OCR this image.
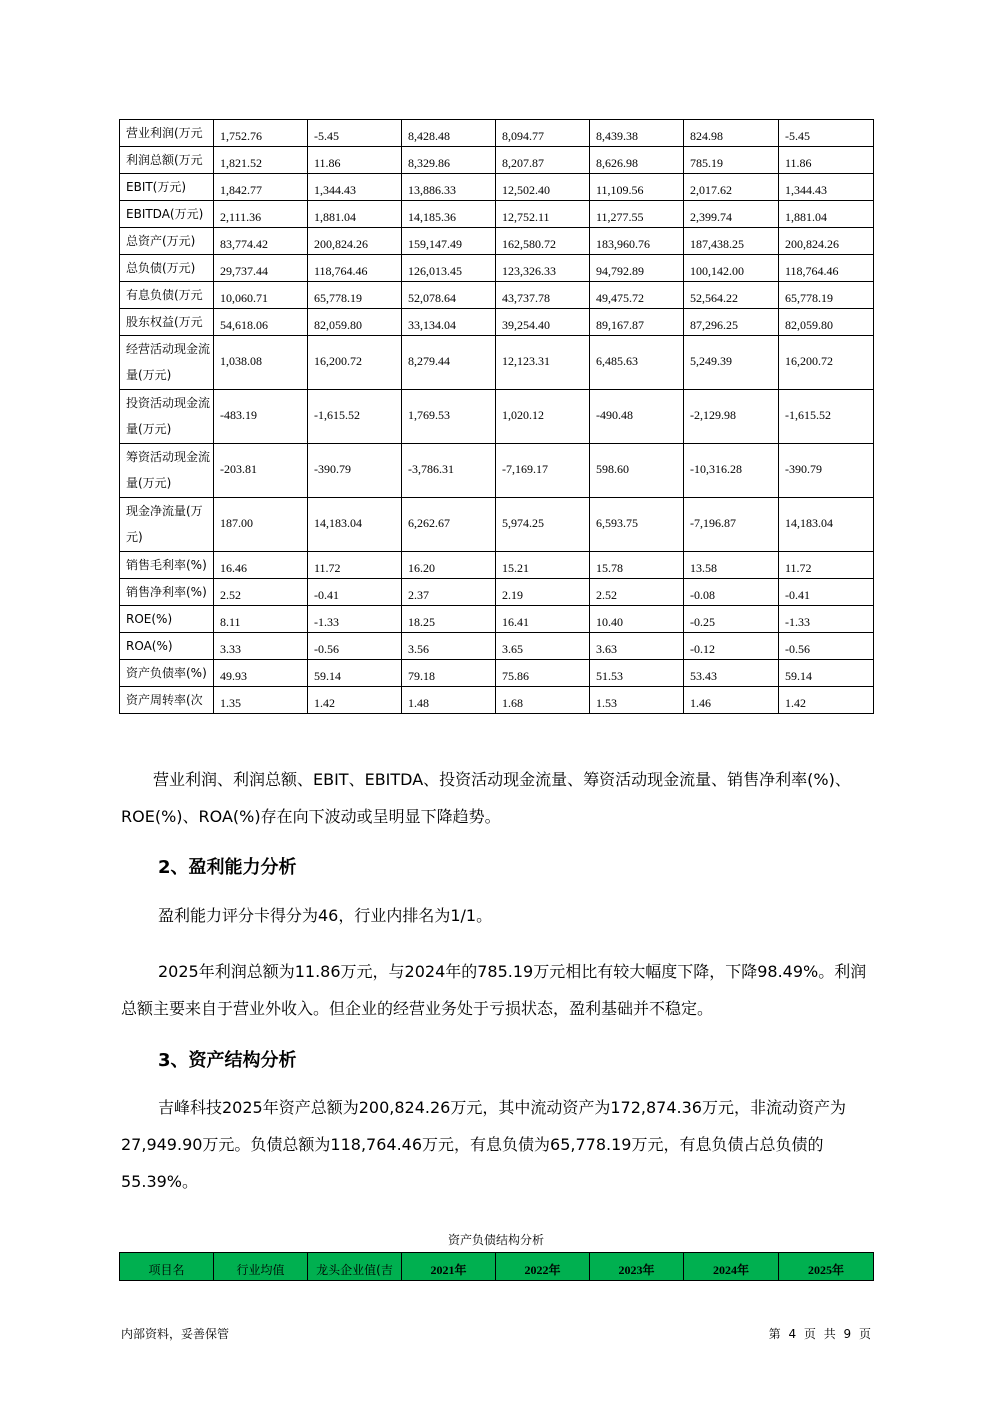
营业利润(万元	1,752.76	-5.45	8,428.48	8,094.77	8,439.38	824.98	-5.45
利润总额(万元	1,821.52	11.86	8,329.86	8,207.87	8,626.98	785.19	11.86
EBIT(万元)	1,842.77	1,344.43	13,886.33	12,502.40	11,109.56	2,017.62	1,344.43
EBITDA(万元)	2,111.36	1,881.04	14,185.36	12,752.11	11,277.55	2,399.74	1,881.04
总资产(万元)	83,774.42	200,824.26	159,147.49	162,580.72	183,960.76	187,438.25	200,824.26
总负债(万元)	29,737.44	118,764.46	126,013.45	123,326.33	94,792.89	100,142.00	118,764.46
有息负债(万元	10,060.71	65,778.19	52,078.64	43,737.78	49,475.72	52,564.22	65,778.19
股东权益(万元	54,618.06	82,059.80	33,134.04	39,254.40	89,167.87	87,296.25	82,059.80
经营活动现金流量(万元)	1,038.08	16,200.72	8,279.44	12,123.31	6,485.63	5,249.39	16,200.72
投资活动现金流量(万元)	-483.19	-1,615.52	1,769.53	1,020.12	-490.48	-2,129.98	-1,615.52
筹资活动现金流量(万元)	-203.81	-390.79	-3,786.31	-7,169.17	598.60	-10,316.28	-390.79
现金净流量(万元)	187.00	14,183.04	6,262.67	5,974.25	6,593.75	-7,196.87	14,183.04
销售毛利率(%)	16.46	11.72	16.20	15.21	15.78	13.58	11.72
销售净利率(%)	2.52	-0.41	2.37	2.19	2.52	-0.08	-0.41
ROE(%)	8.11	-1.33	18.25	16.41	10.40	-0.25	-1.33
ROA(%)	3.33	-0.56	3.56	3.65	3.63	-0.12	-0.56
资产负债率(%)	49.93	59.14	79.18	75.86	51.53	53.43	59.14
资产周转率(次	1.35	1.42	1.48	1.68	1.53	1.46	1.42
营业利润、利润总额、EBIT、EBITDA、投资活动现金流量、筹资活动现金流量、销售净利率(%)、ROE(%)、ROA(%)存在向下波动或呈明显下降趋势。
2、盈利能力分析
盈利能力评分卡得分为46，行业内排名为1/1。
2025年利润总额为11.86万元，与2024年的785.19万元相比有较大幅度下降，下降98.49%。利润总额主要来自于营业外收入。但企业的经营业务处于亏损状态，盈利基础并不稳定。
3、资产结构分析
吉峰科技2025年资产总额为200,824.26万元，其中流动资产为172,874.36万元，非流动资产为27,949.90万元。负债总额为118,764.46万元，有息负债为65,778.19万元，有息负债占总负债的55.39%。
资产负债结构分析
项目名	行业均值	龙头企业值(吉	2021年	2022年	2023年	2024年	2025年
内部资料，妥善保管	第 4 页 共 9 页
